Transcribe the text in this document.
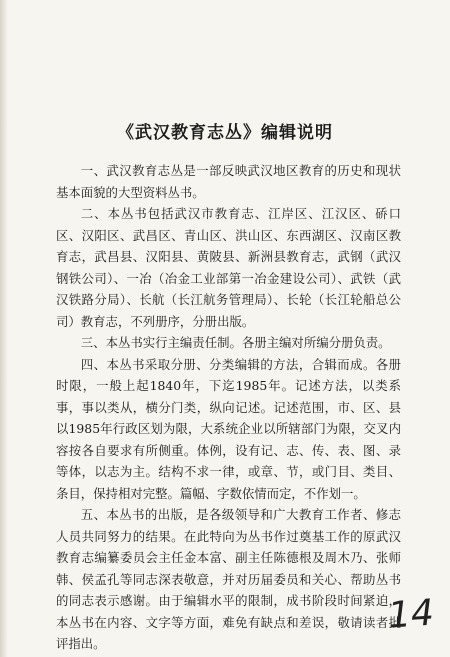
《武汉教育志丛》编辑说明

一、武汉教育志丛是一部反映武汉地区教育的历史和现状基本面貌的大型资料丛书。

二、本丛书包括武汉市教育志、江岸区、江汉区、硚口区、汉阳区、武昌区、青山区、洪山区、东西湖区、汉南区教育志，武昌县、汉阳县、黄陂县、新洲县教育志，武钢（武汉钢铁公司）、一冶（冶金工业部第一冶金建设公司）、武铁（武汉铁路分局）、长航（长江航务管理局）、长轮（长江轮船总公司）教育志，不列册序，分册出版。

三、本丛书实行主编责任制。各册主编对所编分册负责。

四、本丛书采取分册、分类编辑的方法，合辑而成。各册时限，一般上起1840年，下迄1985年。记述方法，以类系事，事以类从，横分门类，纵向记述。记述范围，市、区、县以1985年行政区划为限，大系统企业以所辖部门为限，交叉内容按各自要求有所侧重。体例，设有记、志、传、表、图、录等体，以志为主。结构不求一律，或章、节，或门目、类目、条目，保持相对完整。篇幅、字数依情而定，不作划一。

五、本丛书的出版，是各级领导和广大教育工作者、修志人员共同努力的结果。在此特向为丛书作过奠基工作的原武汉教育志编纂委员会主任金本富、副主任陈德根及周木乃、张师韩、侯孟孔等同志深表敬意，并对历届委员和关心、帮助丛书的同志表示感谢。由于编辑水平的限制，成书阶段时间紧迫，本丛书在内容、文字等方面，难免有缺点和差误，敬请读者批评指出。

14
